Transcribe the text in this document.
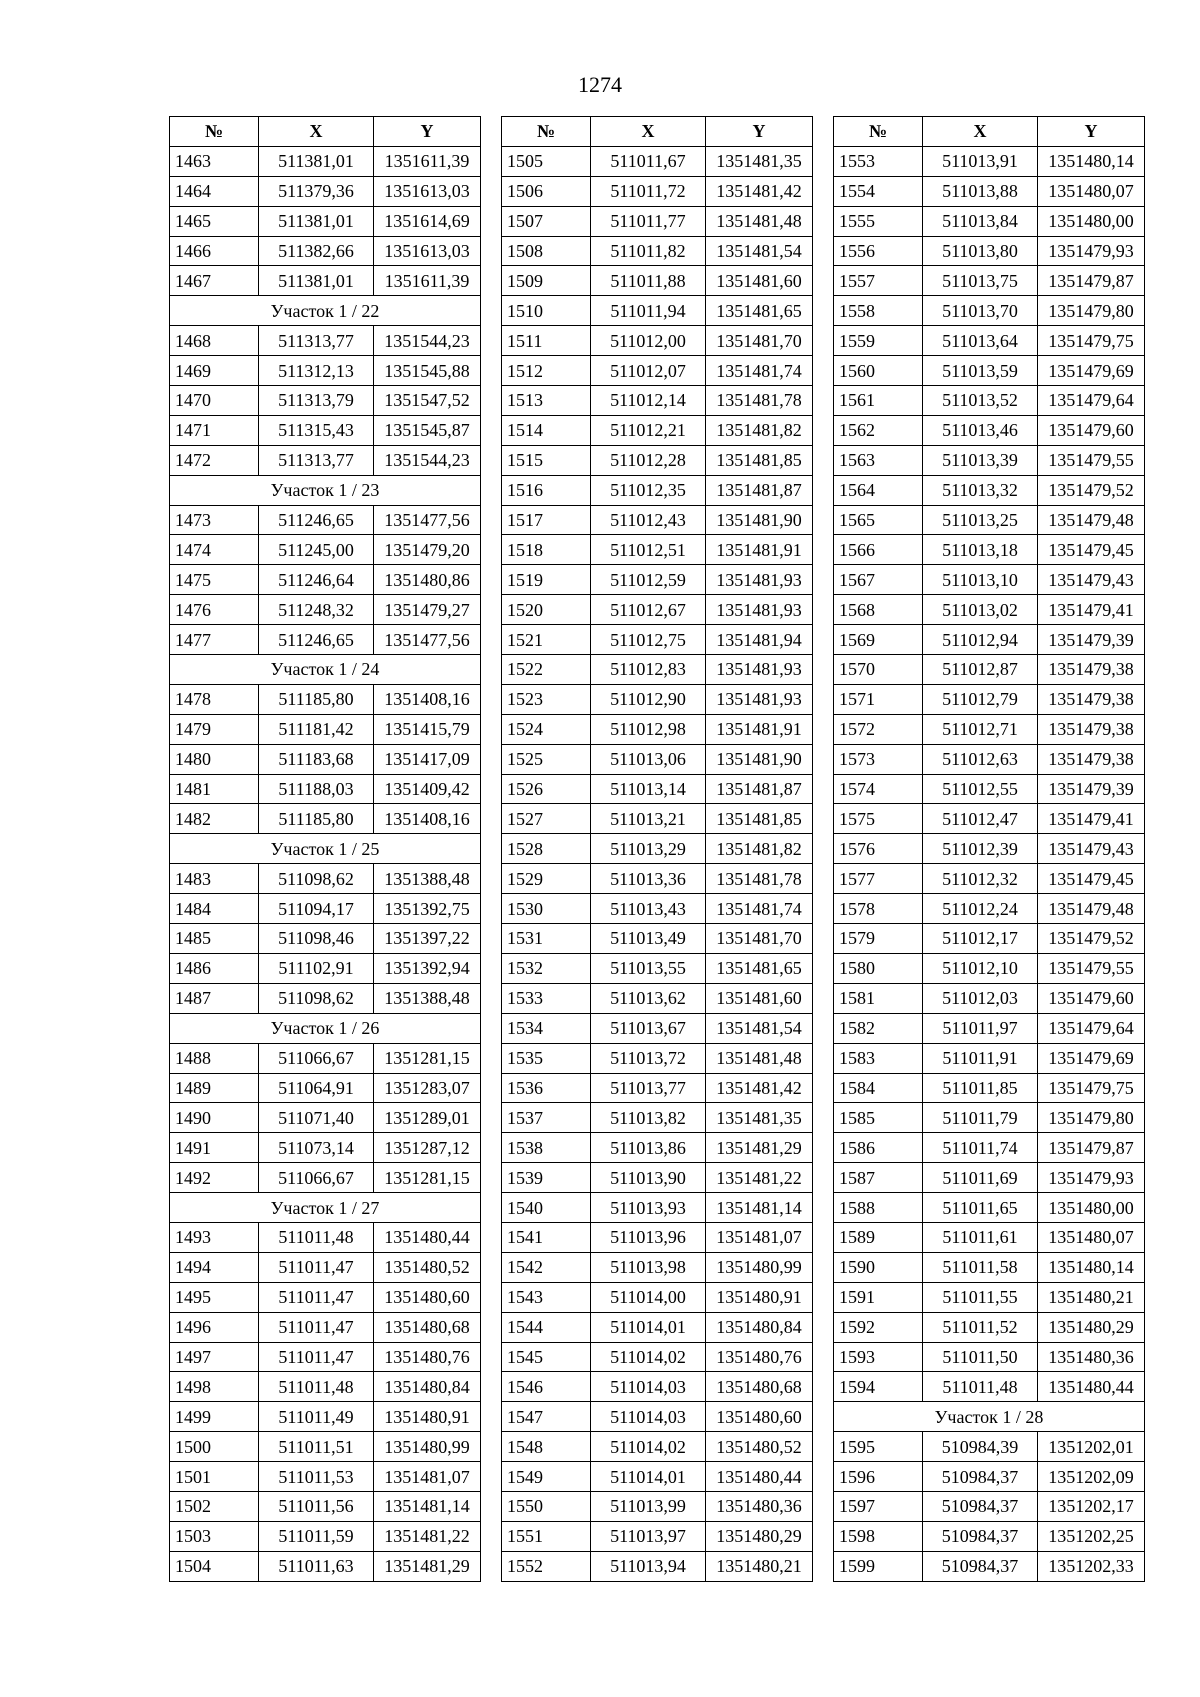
1274
№	X	Y
1463	511381,01	1351611,39
1464	511379,36	1351613,03
1465	511381,01	1351614,69
1466	511382,66	1351613,03
1467	511381,01	1351611,39
Участок 1 / 22		
1468	511313,77	1351544,23
1469	511312,13	1351545,88
1470	511313,79	1351547,52
1471	511315,43	1351545,87
1472	511313,77	1351544,23
Участок 1 / 23		
1473	511246,65	1351477,56
1474	511245,00	1351479,20
1475	511246,64	1351480,86
1476	511248,32	1351479,27
1477	511246,65	1351477,56
Участок 1 / 24		
1478	511185,80	1351408,16
1479	511181,42	1351415,79
1480	511183,68	1351417,09
1481	511188,03	1351409,42
1482	511185,80	1351408,16
Участок 1 / 25		
1483	511098,62	1351388,48
1484	511094,17	1351392,75
1485	511098,46	1351397,22
1486	511102,91	1351392,94
1487	511098,62	1351388,48
Участок 1 / 26		
1488	511066,67	1351281,15
1489	511064,91	1351283,07
1490	511071,40	1351289,01
1491	511073,14	1351287,12
1492	511066,67	1351281,15
Участок 1 / 27		
1493	511011,48	1351480,44
1494	511011,47	1351480,52
1495	511011,47	1351480,60
1496	511011,47	1351480,68
1497	511011,47	1351480,76
1498	511011,48	1351480,84
1499	511011,49	1351480,91
1500	511011,51	1351480,99
1501	511011,53	1351481,07
1502	511011,56	1351481,14
1503	511011,59	1351481,22
1504	511011,63	1351481,29
№	X	Y
1505	511011,67	1351481,35
1506	511011,72	1351481,42
1507	511011,77	1351481,48
1508	511011,82	1351481,54
1509	511011,88	1351481,60
1510	511011,94	1351481,65
1511	511012,00	1351481,70
1512	511012,07	1351481,74
1513	511012,14	1351481,78
1514	511012,21	1351481,82
1515	511012,28	1351481,85
1516	511012,35	1351481,87
1517	511012,43	1351481,90
1518	511012,51	1351481,91
1519	511012,59	1351481,93
1520	511012,67	1351481,93
1521	511012,75	1351481,94
1522	511012,83	1351481,93
1523	511012,90	1351481,93
1524	511012,98	1351481,91
1525	511013,06	1351481,90
1526	511013,14	1351481,87
1527	511013,21	1351481,85
1528	511013,29	1351481,82
1529	511013,36	1351481,78
1530	511013,43	1351481,74
1531	511013,49	1351481,70
1532	511013,55	1351481,65
1533	511013,62	1351481,60
1534	511013,67	1351481,54
1535	511013,72	1351481,48
1536	511013,77	1351481,42
1537	511013,82	1351481,35
1538	511013,86	1351481,29
1539	511013,90	1351481,22
1540	511013,93	1351481,14
1541	511013,96	1351481,07
1542	511013,98	1351480,99
1543	511014,00	1351480,91
1544	511014,01	1351480,84
1545	511014,02	1351480,76
1546	511014,03	1351480,68
1547	511014,03	1351480,60
1548	511014,02	1351480,52
1549	511014,01	1351480,44
1550	511013,99	1351480,36
1551	511013,97	1351480,29
1552	511013,94	1351480,21
№	X	Y
1553	511013,91	1351480,14
1554	511013,88	1351480,07
1555	511013,84	1351480,00
1556	511013,80	1351479,93
1557	511013,75	1351479,87
1558	511013,70	1351479,80
1559	511013,64	1351479,75
1560	511013,59	1351479,69
1561	511013,52	1351479,64
1562	511013,46	1351479,60
1563	511013,39	1351479,55
1564	511013,32	1351479,52
1565	511013,25	1351479,48
1566	511013,18	1351479,45
1567	511013,10	1351479,43
1568	511013,02	1351479,41
1569	511012,94	1351479,39
1570	511012,87	1351479,38
1571	511012,79	1351479,38
1572	511012,71	1351479,38
1573	511012,63	1351479,38
1574	511012,55	1351479,39
1575	511012,47	1351479,41
1576	511012,39	1351479,43
1577	511012,32	1351479,45
1578	511012,24	1351479,48
1579	511012,17	1351479,52
1580	511012,10	1351479,55
1581	511012,03	1351479,60
1582	511011,97	1351479,64
1583	511011,91	1351479,69
1584	511011,85	1351479,75
1585	511011,79	1351479,80
1586	511011,74	1351479,87
1587	511011,69	1351479,93
1588	511011,65	1351480,00
1589	511011,61	1351480,07
1590	511011,58	1351480,14
1591	511011,55	1351480,21
1592	511011,52	1351480,29
1593	511011,50	1351480,36
1594	511011,48	1351480,44
Участок 1 / 28		
1595	510984,39	1351202,01
1596	510984,37	1351202,09
1597	510984,37	1351202,17
1598	510984,37	1351202,25
1599	510984,37	1351202,33
